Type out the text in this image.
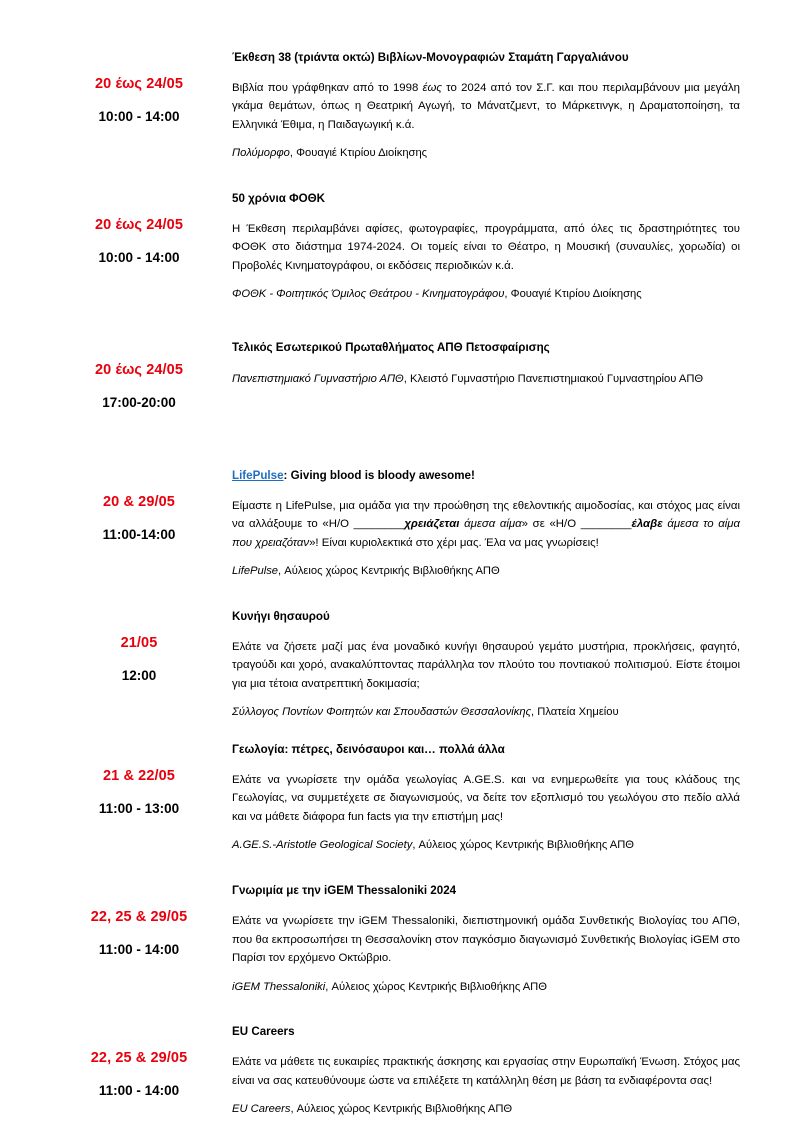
20 έως 24/05
10:00 - 14:00

Έκθεση 38 (τριάντα οκτώ) Βιβλίων-Μονογραφιών Σταμάτη Γαργαλιάνου

Βιβλία που γράφθηκαν από το 1998 έως το 2024 από τον Σ.Γ. και που περιλαμβάνουν μια μεγάλη γκάμα θεμάτων, όπως η Θεατρική Αγωγή, το Μάνατζμεντ, το Μάρκετινγκ, η Δραματοποίηση, τα Ελληνικά Έθιμα, η Παιδαγωγική κ.ά.

Πολύμορφο, Φουαγιέ Κτιρίου Διοίκησης

20 έως 24/05
10:00 - 14:00

50 χρόνια ΦΟΘΚ

Η Έκθεση περιλαμβάνει αφίσες, φωτογραφίες, προγράμματα, από όλες τις δραστηριότητες του ΦΟΘΚ στο διάστημα 1974-2024. Οι τομείς είναι το Θέατρο, η Μουσική (συναυλίες, χορωδία) οι Προβολές Κινηματογράφου, οι εκδόσεις περιοδικών κ.ά.

ΦΟΘΚ - Φοιτητικός Όμιλος Θεάτρου - Κινηματογράφου, Φουαγιέ Κτιρίου Διοίκησης

20 έως 24/05
17:00-20:00

Τελικός Εσωτερικού Πρωταθλήματος ΑΠΘ Πετοσφαίρισης

Πανεπιστημιακό Γυμναστήριο ΑΠΘ, Κλειστό Γυμναστήριο Πανεπιστημιακού Γυμναστηρίου ΑΠΘ

20 & 29/05
11:00-14:00

LifePulse: Giving blood is bloody awesome!

Είμαστε η LifePulse, μια ομάδα για την προώθηση της εθελοντικής αιμοδοσίας, και στόχος μας είναι να αλλάξουμε το «Η/Ο ________χρειάζεται άμεσα αίμα» σε «Η/Ο ________έλαβε άμεσα το αίμα που χρειαζόταν»! Είναι κυριολεκτικά στο χέρι μας. Έλα να μας γνωρίσεις!

LifePulse, Αύλειος χώρος Κεντρικής Βιβλιοθήκης ΑΠΘ

21/05
12:00

Κυνήγι θησαυρού

Ελάτε να ζήσετε μαζί μας ένα μοναδικό κυνήγι θησαυρού γεμάτο μυστήρια, προκλήσεις, φαγητό, τραγούδι και χορό, ανακαλύπτοντας παράλληλα τον πλούτο του ποντιακού πολιτισμού. Είστε έτοιμοι για μια τέτοια ανατρεπτική δοκιμασία;

Σύλλογος Ποντίων Φοιτητών και Σπουδαστών Θεσσαλονίκης, Πλατεία Χημείου

21 & 22/05
11:00 - 13:00

Γεωλογία: πέτρες, δεινόσαυροι και… πολλά άλλα

Ελάτε να γνωρίσετε την ομάδα γεωλογίας A.GE.S. και να ενημερωθείτε για τους κλάδους της Γεωλογίας, να συμμετέχετε σε διαγωνισμούς, να δείτε τον εξοπλισμό του γεωλόγου στο πεδίο αλλά και να μάθετε διάφορα fun facts για την επιστήμη μας!

A.GE.S.-Aristotle Geological Society, Αύλειος χώρος Κεντρικής Βιβλιοθήκης ΑΠΘ

22, 25 & 29/05
11:00 - 14:00

Γνωριμία με την iGEM Thessaloniki 2024

Ελάτε να γνωρίσετε την iGEM Thessaloniki, διεπιστημονική ομάδα Συνθετικής Βιολογίας του ΑΠΘ, που θα εκπροσωπήσει τη Θεσσαλονίκη στον παγκόσμιο διαγωνισμό Συνθετικής Βιολογίας iGEM στο Παρίσι τον ερχόμενο Οκτώβριο.

iGEM Thessaloniki, Αύλειος χώρος Κεντρικής Βιβλιοθήκης ΑΠΘ

22, 25 & 29/05
11:00 - 14:00

EU Careers

Ελάτε να μάθετε τις ευκαιρίες πρακτικής άσκησης και εργασίας στην Ευρωπαϊκή Ένωση. Στόχος μας είναι να σας κατευθύνουμε ώστε να επιλέξετε τη κατάλληλη θέση με βάση τα ενδιαφέροντα σας!

EU Careers, Αύλειος χώρος Κεντρικής Βιβλιοθήκης ΑΠΘ
